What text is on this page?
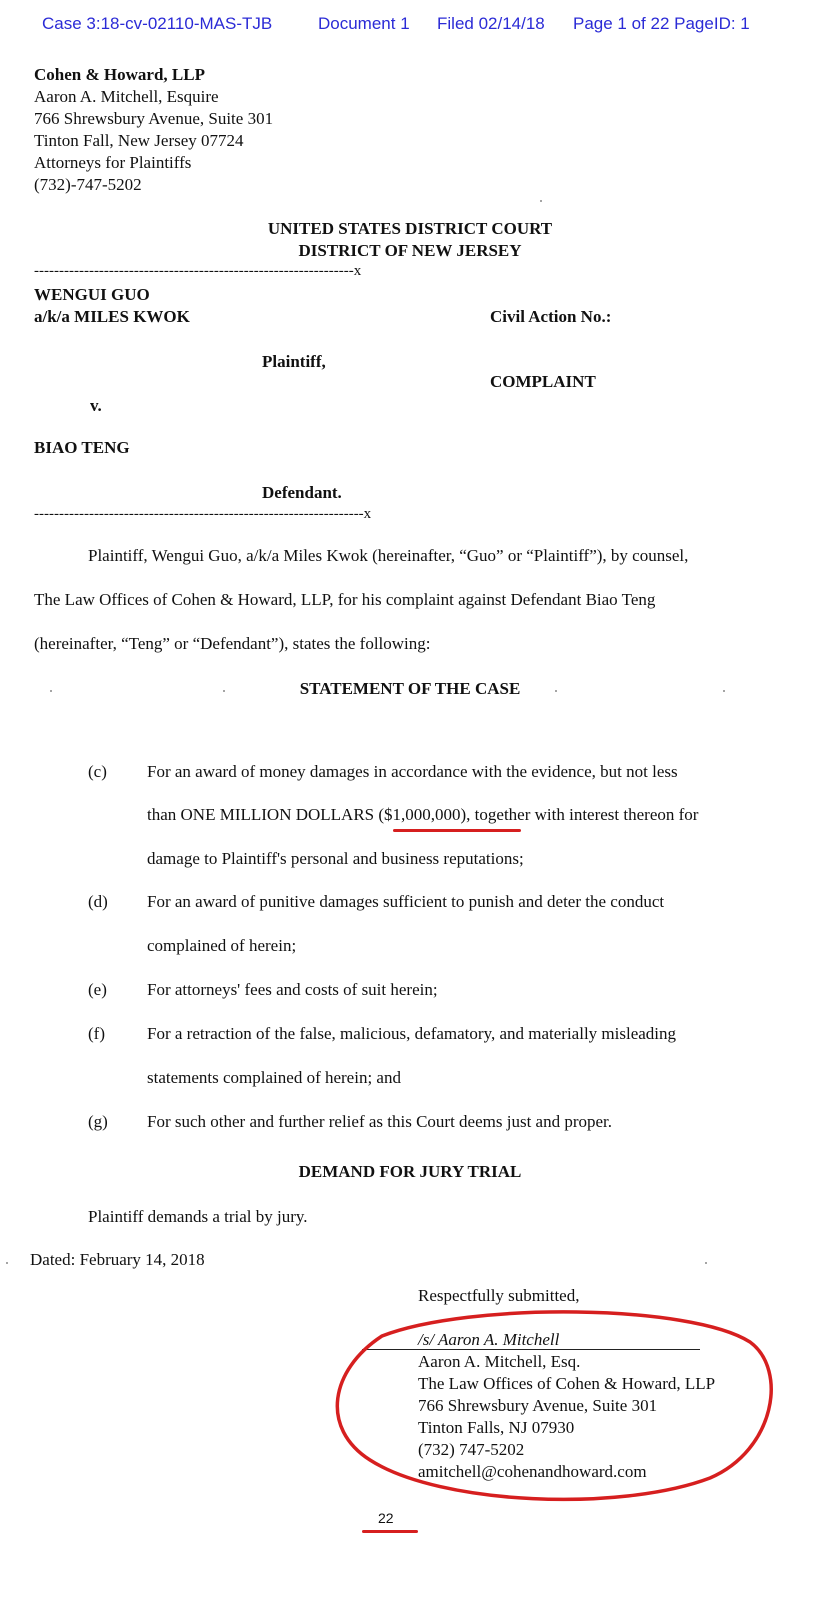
Case 3:18-cv-02110-MAS-TJB	Document 1 Filed 02/14/18 Page 1 of 22 PageID: 1
Cohen & Howard, LLP
Aaron A. Mitchell, Esquire
766 Shrewsbury Avenue, Suite 301
Tinton Fall, New Jersey 07724
Attorneys for Plaintiffs
(732)-747-5202
UNITED STATES DISTRICT COURT
DISTRICT OF NEW JERSEY
----------------------------------------------------------------x
WENGUI GUO
a/k/a MILES KWOK	Civil Action No.:
Plaintiff,
COMPLAINT
v.
BIAO TENG
Defendant.
------------------------------------------------------------------x
Plaintiff, Wengui Guo, a/k/a Miles Kwok (hereinafter, “Guo” or “Plaintiff”), by counsel,
The Law Offices of Cohen & Howard, LLP, for his complaint against Defendant Biao Teng
(hereinafter, “Teng” or “Defendant”), states the following:
STATEMENT OF THE CASE
(c) For an award of money damages in accordance with the evidence, but not less
than ONE MILLION DOLLARS ($1,000,000), together with interest thereon for
damage to Plaintiff's personal and business reputations;
(d) For an award of punitive damages sufficient to punish and deter the conduct
complained of herein;
(e) For attorneys' fees and costs of suit herein;
(f) For a retraction of the false, malicious, defamatory, and materially misleading
statements complained of herein; and
(g) For such other and further relief as this Court deems just and proper.
DEMAND FOR JURY TRIAL
Plaintiff demands a trial by jury.
Dated: February 14, 2018
Respectfully submitted,
/s/ Aaron A. Mitchell
Aaron A. Mitchell, Esq.
The Law Offices of Cohen & Howard, LLP
766 Shrewsbury Avenue, Suite 301
Tinton Falls, NJ 07930
(732) 747-5202
amitchell@cohenandhoward.com
22
